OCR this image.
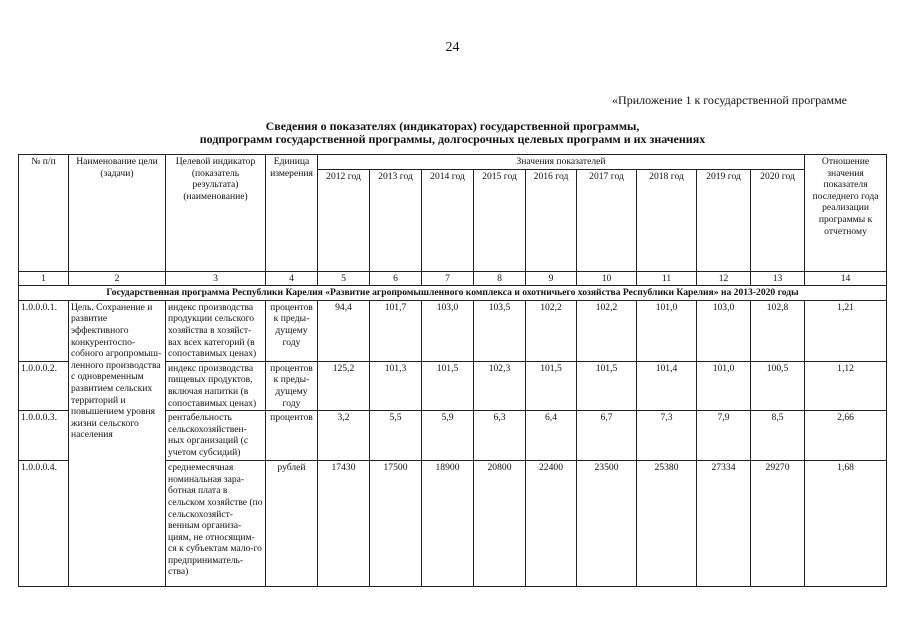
24
«Приложение 1 к государственной программе
Сведения о показателях (индикаторах) государственной программы,
подпрограмм государственной программы, долгосрочных целевых программ и их значениях
№ п/п	Наименование цели (задачи)	Целевой индикатор (показатель результата) (наименование)	Единица измерения	Значения показателей									Отношение значения показателя последнего года реализации программы к отчетному
				2012 год	2013 год	2014 год	2015 год	2016 год	2017 год	2018 год	2019 год	2020 год	
1	2	3	4	5	6	7	8	9	10	11	12	13	14
Государственная программа Республики Карелия «Развитие агропромышленного комплекса и охотничьего хозяйства Республики Карелия» на 2013-2020 годы													
1.0.0.0.1.	Цель. Сохранение и развитие эффективного конкурентоспо-собного агропромыш-ленного производства с одновременным развитием сельских территорий и повышением уровня жизни сельского населения	индекс производства продукции сельского хозяйства в хозяйст-вах всех категорий (в сопоставимых ценах)	процентов к преды-дущему году	94,4	101,7	103,0	103,5	102,2	102,2	101,0	103,0	102,8	1,21
1.0.0.0.2.		индекс производства пищевых продуктов, включая напитки (в сопоставимых ценах)	процентов к преды-дущему году	125,2	101,3	101,5	102,3	101,5	101,5	101,4	101,0	100,5	1,12
1.0.0.0.3.		рентабельность сельскохозяйствен-ных организаций (с учетом субсидий)	процентов	3,2	5,5	5,9	6,3	6,4	6,7	7,3	7,9	8,5	2,66
1.0.0.0.4.		среднемесячная номинальная зара-ботная плата в сельском хозяйстве (по сельскохозяйст-венным организа-циям, не относящим-ся к субъектам мало-го предприниматель-ства)	рублей	17430	17500	18900	20800	22400	23500	25380	27334	29270	1,68
